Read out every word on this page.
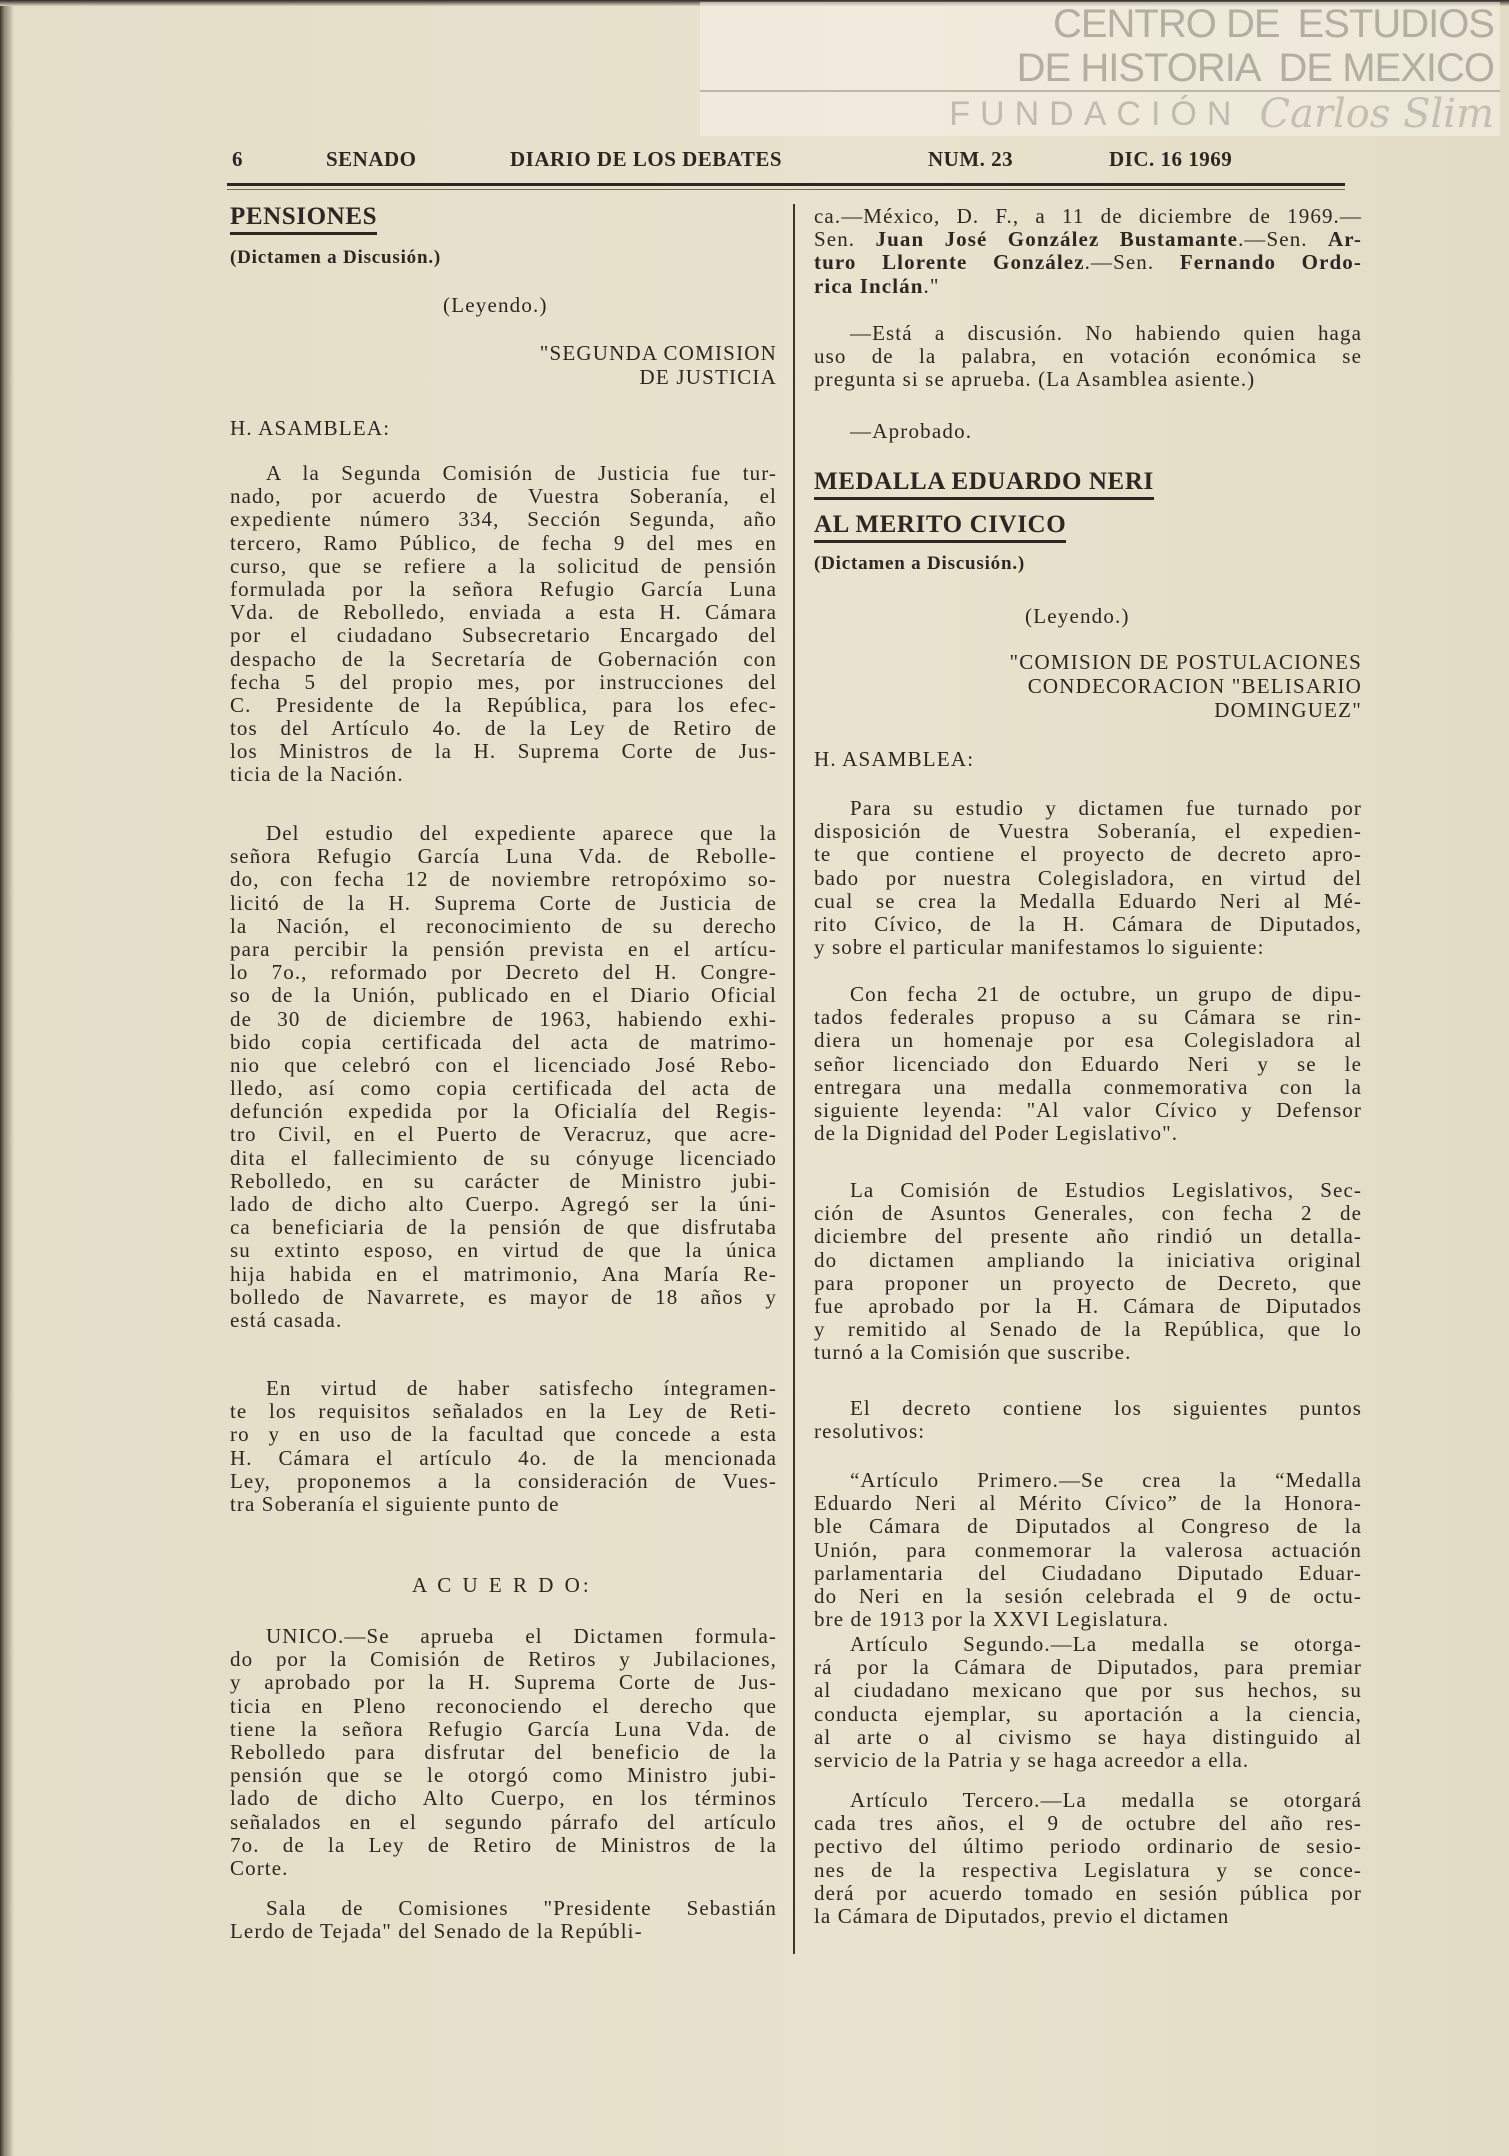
CENTRO DE ESTUDIOS
DE HISTORIA DE MEXICO
FUNDACIÓN Carlos Slim
6	SENADO	DIARIO DE LOS DEBATES	NUM. 23	DIC. 16 1969
PENSIONES
(Dictamen a Discusión.)
(Leyendo.)
"SEGUNDA COMISION
DE JUSTICIA
H. ASAMBLEA:
A la Segunda Comisión de Justicia fue tur-
nado, por acuerdo de Vuestra Soberanía, el
expediente número 334, Sección Segunda, año
tercero, Ramo Público, de fecha 9 del mes en
curso, que se refiere a la solicitud de pensión
formulada por la señora Refugio García Luna
Vda. de Rebolledo, enviada a esta H. Cámara
por el ciudadano Subsecretario Encargado del
despacho de la Secretaría de Gobernación con
fecha 5 del propio mes, por instrucciones del
C. Presidente de la República, para los efec-
tos del Artículo 4o. de la Ley de Retiro de
los Ministros de la H. Suprema Corte de Jus-
ticia de la Nación.
Del estudio del expediente aparece que la
señora Refugio García Luna Vda. de Rebolle-
do, con fecha 12 de noviembre retropóximo so-
licitó de la H. Suprema Corte de Justicia de
la Nación, el reconocimiento de su derecho
para percibir la pensión prevista en el artícu-
lo 7o., reformado por Decreto del H. Congre-
so de la Unión, publicado en el Diario Oficial
de 30 de diciembre de 1963, habiendo exhi-
bido copia certificada del acta de matrimo-
nio que celebró con el licenciado José Rebo-
lledo, así como copia certificada del acta de
defunción expedida por la Oficialía del Regis-
tro Civil, en el Puerto de Veracruz, que acre-
dita el fallecimiento de su cónyuge licenciado
Rebolledo, en su carácter de Ministro jubi-
lado de dicho alto Cuerpo. Agregó ser la úni-
ca beneficiaria de la pensión de que disfrutaba
su extinto esposo, en virtud de que la única
hija habida en el matrimonio, Ana María Re-
bolledo de Navarrete, es mayor de 18 años y
está casada.
En virtud de haber satisfecho íntegramen-
te los requisitos señalados en la Ley de Reti-
ro y en uso de la facultad que concede a esta
H. Cámara el artículo 4o. de la mencionada
Ley, proponemos a la consideración de Vues-
tra Soberanía el siguiente punto de
A C U E R D O:
UNICO.—Se aprueba el Dictamen formula-
do por la Comisión de Retiros y Jubilaciones,
y aprobado por la H. Suprema Corte de Jus-
ticia en Pleno reconociendo el derecho que
tiene la señora Refugio García Luna Vda. de
Rebolledo para disfrutar del beneficio de la
pensión que se le otorgó como Ministro jubi-
lado de dicho Alto Cuerpo, en los términos
señalados en el segundo párrafo del artículo
7o. de la Ley de Retiro de Ministros de la
Corte.
Sala de Comisiones "Presidente Sebastián
Lerdo de Tejada" del Senado de la Repúbli-
ca.—México, D. F., a 11 de diciembre de 1969.—
Sen. Juan José González Bustamante.—Sen. Ar-
turo Llorente González.—Sen. Fernando Ordo-
rica Inclán."
—Está a discusión. No habiendo quien haga
uso de la palabra, en votación económica se
pregunta si se aprueba. (La Asamblea asiente.)
—Aprobado.
MEDALLA EDUARDO NERI
AL MERITO CIVICO
(Dictamen a Discusión.)
(Leyendo.)
"COMISION DE POSTULACIONES
CONDECORACION "BELISARIO
DOMINGUEZ"
H. ASAMBLEA:
Para su estudio y dictamen fue turnado por
disposición de Vuestra Soberanía, el expedien-
te que contiene el proyecto de decreto apro-
bado por nuestra Colegisladora, en virtud del
cual se crea la Medalla Eduardo Neri al Mé-
rito Cívico, de la H. Cámara de Diputados,
y sobre el particular manifestamos lo siguiente:
Con fecha 21 de octubre, un grupo de dipu-
tados federales propuso a su Cámara se rin-
diera un homenaje por esa Colegisladora al
señor licenciado don Eduardo Neri y se le
entregara una medalla conmemorativa con la
siguiente leyenda: "Al valor Cívico y Defensor
de la Dignidad del Poder Legislativo".
La Comisión de Estudios Legislativos, Sec-
ción de Asuntos Generales, con fecha 2 de
diciembre del presente año rindió un detalla-
do dictamen ampliando la iniciativa original
para proponer un proyecto de Decreto, que
fue aprobado por la H. Cámara de Diputados
y remitido al Senado de la República, que lo
turnó a la Comisión que suscribe.
El decreto contiene los siguientes puntos
resolutivos:
“Artículo Primero.—Se crea la “Medalla
Eduardo Neri al Mérito Cívico” de la Honora-
ble Cámara de Diputados al Congreso de la
Unión, para conmemorar la valerosa actuación
parlamentaria del Ciudadano Diputado Eduar-
do Neri en la sesión celebrada el 9 de octu-
bre de 1913 por la XXVI Legislatura.
Artículo Segundo.—La medalla se otorga-
rá por la Cámara de Diputados, para premiar
al ciudadano mexicano que por sus hechos, su
conducta ejemplar, su aportación a la ciencia,
al arte o al civismo se haya distinguido al
servicio de la Patria y se haga acreedor a ella.
Artículo Tercero.—La medalla se otorgará
cada tres años, el 9 de octubre del año res-
pectivo del último periodo ordinario de sesio-
nes de la respectiva Legislatura y se conce-
derá por acuerdo tomado en sesión pública por
la Cámara de Diputados, previo el dictamen
